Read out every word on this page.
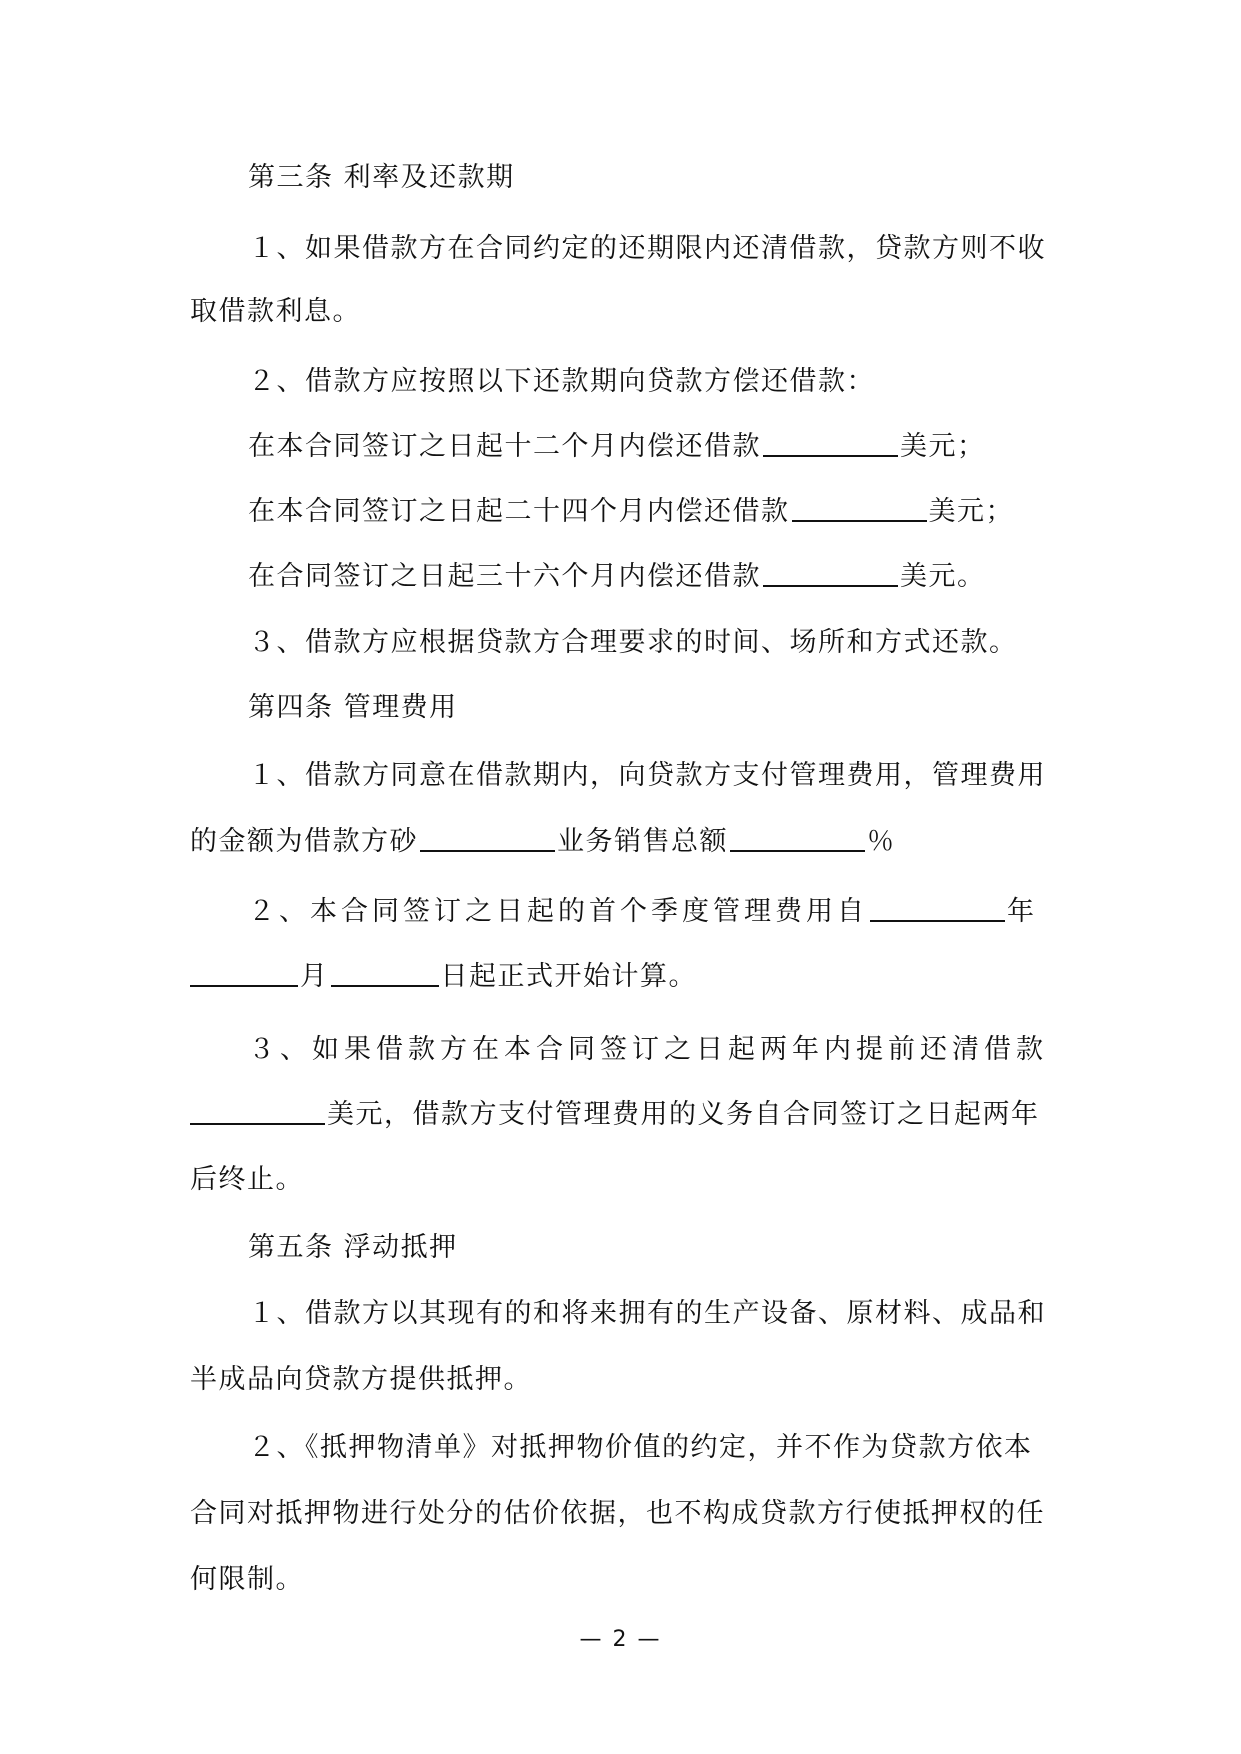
第三条 利率及还款期
１、如果借款方在合同约定的还期限内还清借款，贷款方则不收
取借款利息。
２、借款方应按照以下还款期向贷款方偿还借款：
在本合同签订之日起十二个月内偿还借款	美元；
在本合同签订之日起二十四个月内偿还借款	美元；
在合同签订之日起三十六个月内偿还借款	美元。
３、借款方应根据贷款方合理要求的时间、场所和方式还款。
第四条 管理费用
１、借款方同意在借款期内，向贷款方支付管理费用，管理费用
的金额为借款方砂	业务销售总额	％
２、本合同签订之日起的首个季度管理费用自	年
月	日起正式开始计算。
３、如果借款方在本合同签订之日起两年内提前还清借款
美元，借款方支付管理费用的义务自合同签订之日起两年
后终止。
第五条 浮动抵押
１、借款方以其现有的和将来拥有的生产设备、原材料、成品和
半成品向贷款方提供抵押。
２、《抵押物清单》对抵押物价值的约定，并不作为贷款方依本
合同对抵押物进行处分的估价依据，也不构成贷款方行使抵押权的任
何限制。
— 2 —
